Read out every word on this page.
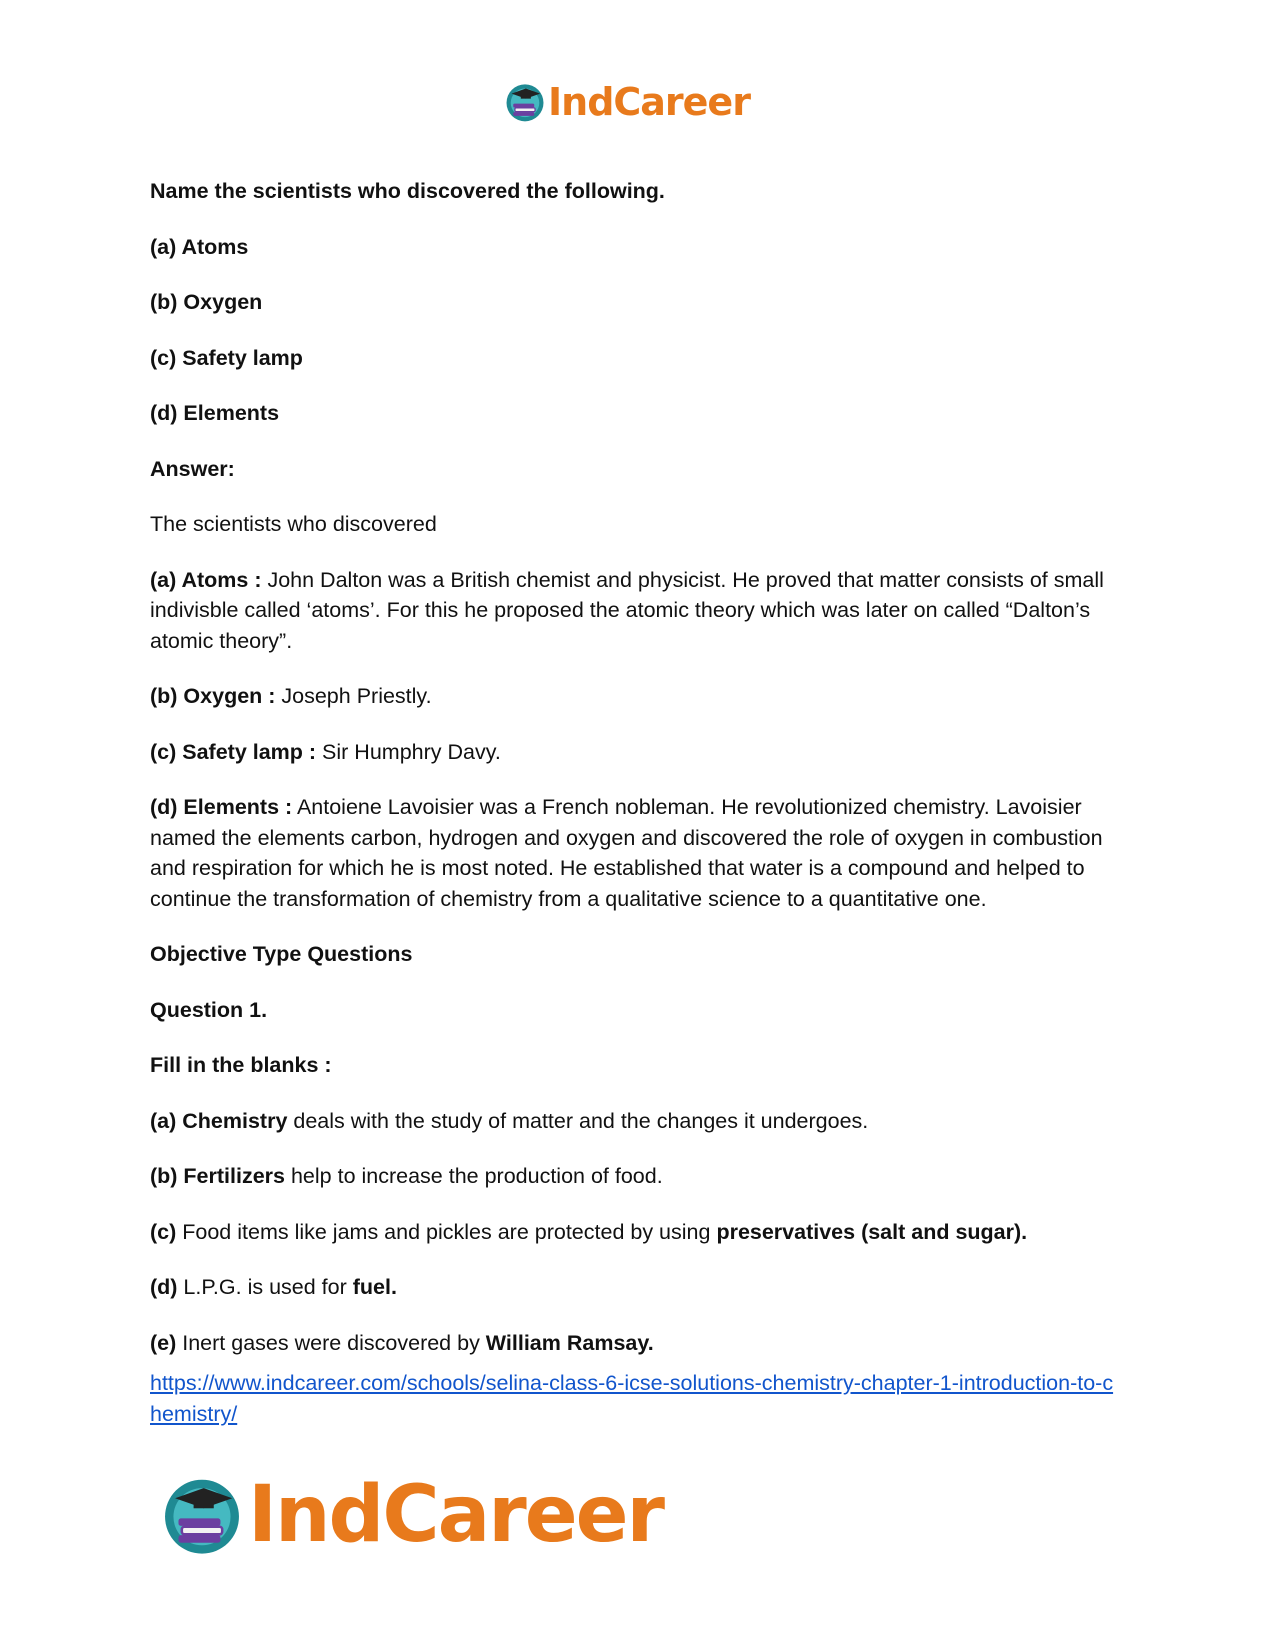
IndCareer

Name the scientists who discovered the following.

(a) Atoms

(b) Oxygen

(c) Safety lamp

(d) Elements

Answer:

The scientists who discovered

(a) Atoms : John Dalton was a British chemist and physicist. He proved that matter consists of small indivisble called ‘atoms’. For this he proposed the atomic theory which was later on called “Dalton’s atomic theory”.

(b) Oxygen : Joseph Priestly.

(c) Safety lamp : Sir Humphry Davy.

(d) Elements : Antoiene Lavoisier was a French nobleman. He revolutionized chemistry. Lavoisier named the elements carbon, hydrogen and oxygen and discovered the role of oxygen in combustion and respiration for which he is most noted. He established that water is a compound and helped to continue the transformation of chemistry from a qualitative science to a quantitative one.

Objective Type Questions

Question 1.

Fill in the blanks :

(a) Chemistry deals with the study of matter and the changes it undergoes.

(b) Fertilizers help to increase the production of food.

(c) Food items like jams and pickles are protected by using preservatives (salt and sugar).

(d) L.P.G. is used for fuel.

(e) Inert gases were discovered by William Ramsay.

https://www.indcareer.com/schools/selina-class-6-icse-solutions-chemistry-chapter-1-introduction-to-chemistry/

IndCareer
